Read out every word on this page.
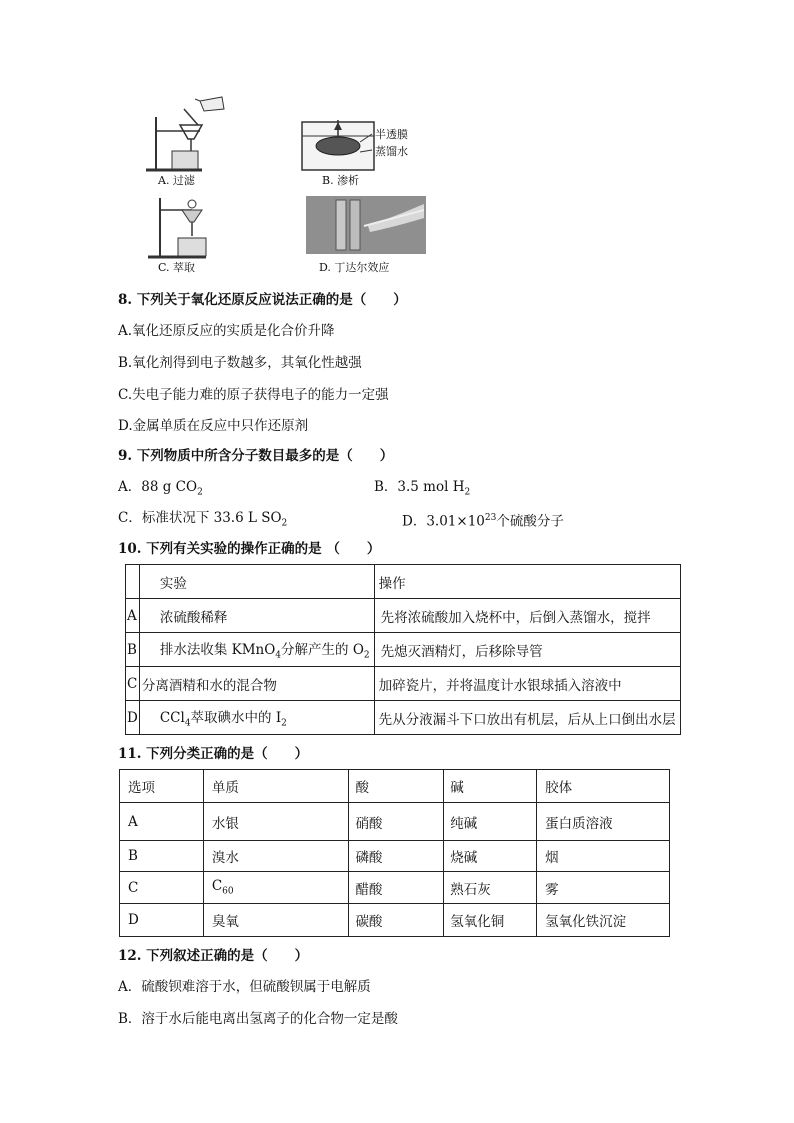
A. 过滤
半透膜
蒸馏水
B. 渗析
C. 萃取	D. 丁达尔效应
8. 下列关于氧化还原反应说法正确的是（　　）
A.氧化还原反应的实质是化合价升降
B.氧化剂得到电子数越多，其氧化性越强
C.失电子能力难的原子获得电子的能力一定强
D.金属单质在反应中只作还原剂
9. 下列物质中所含分子数目最多的是（　　）
A．88 g $CO_2$	B．3.5 mol $H_2$
C．标准状况下 33.6 L $SO_2$	D．$3.01\times 10^{23}$个硫酸分子
10. 下列有关实验的操作正确的是 （　　）
	实验	操作
A	浓硫酸稀释	先将浓硫酸加入烧杯中，后倒入蒸馏水，搅拌
B	排水法收集 KMnO$_4$分解产生的 $O_2$	先熄灭酒精灯，后移除导管
C	分离酒精和水的混合物	加碎瓷片，并将温度计水银球插入溶液中
D	CCl$_4$萃取碘水中的 $I_2$	先从分液漏斗下口放出有机层，后从上口倒出水层
11. 下列分类正确的是（　　）
选项	单质	酸	碱	胶体
A	水银	硝酸	纯碱	蛋白质溶液
B	溴水	磷酸	烧碱	烟
C	$C_{60}$	醋酸	熟石灰	雾
D	臭氧	碳酸	氢氧化铜	氢氧化铁沉淀
12. 下列叙述正确的是（　　）
A．硫酸钡难溶于水，但硫酸钡属于电解质
B．溶于水后能电离出氢离子的化合物一定是酸
